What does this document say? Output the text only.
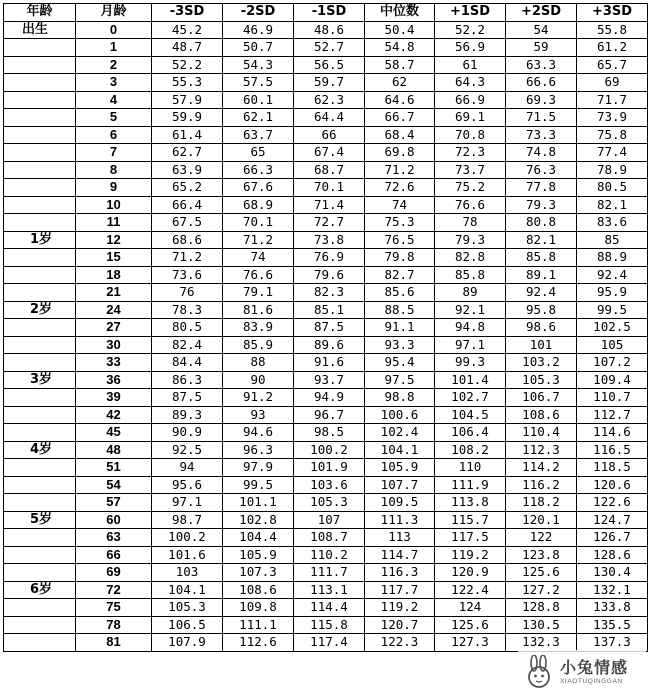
年龄	月龄	-3SD	-2SD	-1SD	中位数	+1SD	+2SD	+3SD
出生	0	45.2	46.9	48.6	50.4	52.2	54	55.8
	1	48.7	50.7	52.7	54.8	56.9	59	61.2
	2	52.2	54.3	56.5	58.7	61	63.3	65.7
	3	55.3	57.5	59.7	62	64.3	66.6	69
	4	57.9	60.1	62.3	64.6	66.9	69.3	71.7
	5	59.9	62.1	64.4	66.7	69.1	71.5	73.9
	6	61.4	63.7	66	68.4	70.8	73.3	75.8
	7	62.7	65	67.4	69.8	72.3	74.8	77.4
	8	63.9	66.3	68.7	71.2	73.7	76.3	78.9
	9	65.2	67.6	70.1	72.6	75.2	77.8	80.5
	10	66.4	68.9	71.4	74	76.6	79.3	82.1
	11	67.5	70.1	72.7	75.3	78	80.8	83.6
1岁	12	68.6	71.2	73.8	76.5	79.3	82.1	85
	15	71.2	74	76.9	79.8	82.8	85.8	88.9
	18	73.6	76.6	79.6	82.7	85.8	89.1	92.4
	21	76	79.1	82.3	85.6	89	92.4	95.9
2岁	24	78.3	81.6	85.1	88.5	92.1	95.8	99.5
	27	80.5	83.9	87.5	91.1	94.8	98.6	102.5
	30	82.4	85.9	89.6	93.3	97.1	101	105
	33	84.4	88	91.6	95.4	99.3	103.2	107.2
3岁	36	86.3	90	93.7	97.5	101.4	105.3	109.4
	39	87.5	91.2	94.9	98.8	102.7	106.7	110.7
	42	89.3	93	96.7	100.6	104.5	108.6	112.7
	45	90.9	94.6	98.5	102.4	106.4	110.4	114.6
4岁	48	92.5	96.3	100.2	104.1	108.2	112.3	116.5
	51	94	97.9	101.9	105.9	110	114.2	118.5
	54	95.6	99.5	103.6	107.7	111.9	116.2	120.6
	57	97.1	101.1	105.3	109.5	113.8	118.2	122.6
5岁	60	98.7	102.8	107	111.3	115.7	120.1	124.7
	63	100.2	104.4	108.7	113	117.5	122	126.7
	66	101.6	105.9	110.2	114.7	119.2	123.8	128.6
	69	103	107.3	111.7	116.3	120.9	125.6	130.4
6岁	72	104.1	108.6	113.1	117.7	122.4	127.2	132.1
	75	105.3	109.8	114.4	119.2	124	128.8	133.8
	78	106.5	111.1	115.8	120.7	125.6	130.5	135.5
	81	107.9	112.6	117.4	122.3	127.3	132.3	137.3
小兔情感
XIAOTUQINGGAN
